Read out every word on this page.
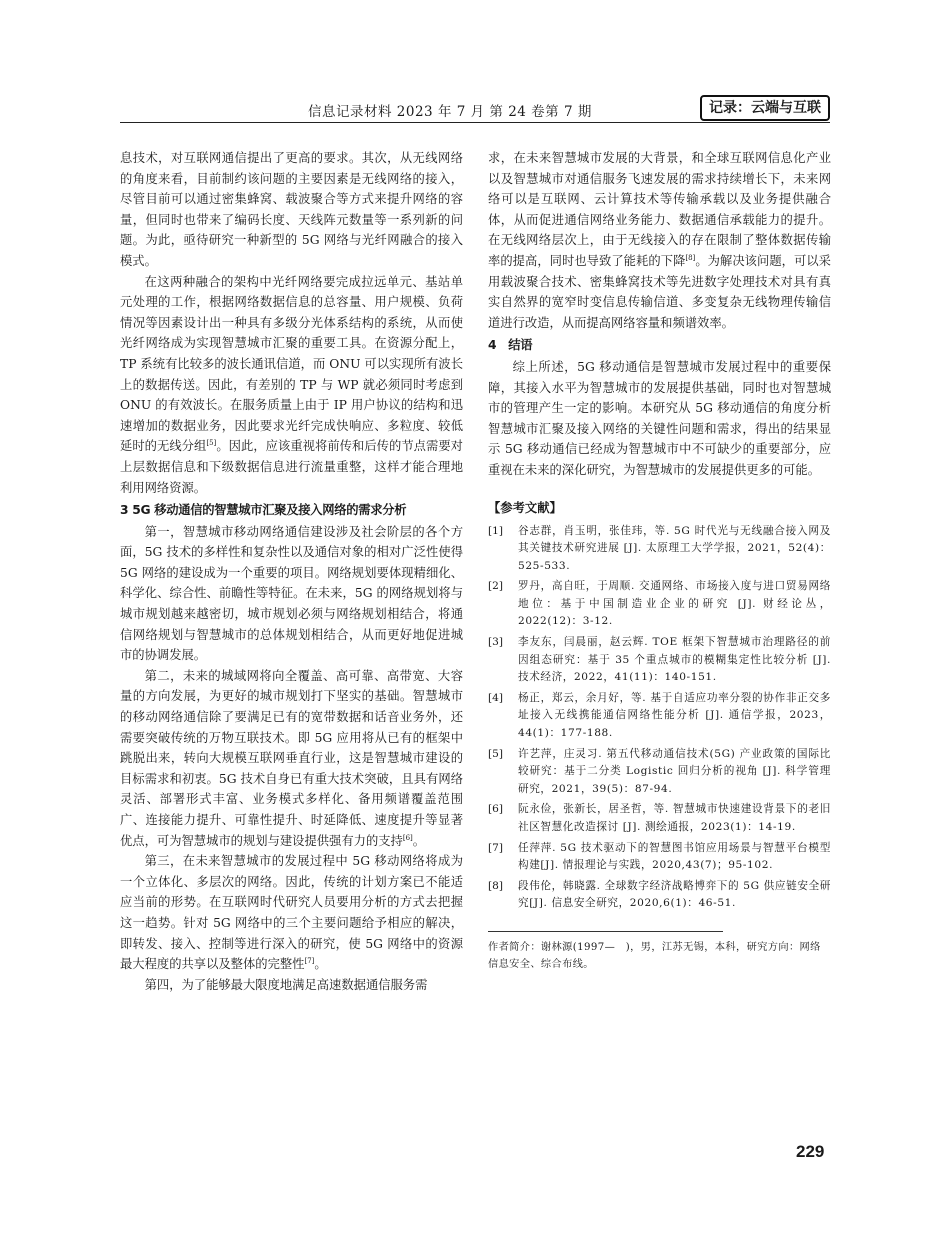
信息记录材料 2023 年 7 月 第 24 卷第 7 期	记录：云端与互联

息技术，对互联网通信提出了更高的要求。其次，从无线网络的角度来看，目前制约该问题的主要因素是无线网络的接入，尽管目前可以通过密集蜂窝、载波聚合等方式来提升网络的容量，但同时也带来了编码长度、天线阵元数量等一系列新的问题。为此，亟待研究一种新型的 5G 网络与光纤网融合的接入模式。

在这两种融合的架构中光纤网络要完成拉远单元、基站单元处理的工作，根据网络数据信息的总容量、用户规模、负荷情况等因素设计出一种具有多级分光体系结构的系统，从而使光纤网络成为实现智慧城市汇聚的重要工具。在资源分配上，TP 系统有比较多的波长通讯信道，而 ONU 可以实现所有波长上的数据传送。因此，有差别的 TP 与 WP 就必须同时考虑到 ONU 的有效波长。在服务质量上由于 IP 用户协议的结构和迅速增加的数据业务，因此要求光纤完成快响应、多粒度、较低延时的无线分组[5]。因此，应该重视将前传和后传的节点需要对上层数据信息和下级数据信息进行流量重整，这样才能合理地利用网络资源。

3 5G 移动通信的智慧城市汇聚及接入网络的需求分析

第一，智慧城市移动网络通信建设涉及社会阶层的各个方面，5G 技术的多样性和复杂性以及通信对象的相对广泛性使得 5G 网络的建设成为一个重要的项目。网络规划要体现精细化、科学化、综合性、前瞻性等特征。在未来，5G 的网络规划将与城市规划越来越密切，城市规划必须与网络规划相结合，将通信网络规划与智慧城市的总体规划相结合，从而更好地促进城市的协调发展。

第二，未来的城域网将向全覆盖、高可靠、高带宽、大容量的方向发展，为更好的城市规划打下坚实的基础。智慧城市的移动网络通信除了要满足已有的宽带数据和话音业务外，还需要突破传统的万物互联技术。即 5G 应用将从已有的框架中跳脱出来，转向大规模互联网垂直行业，这是智慧城市建设的目标需求和初衷。5G 技术自身已有重大技术突破，且具有网络灵活、部署形式丰富、业务模式多样化、备用频谱覆盖范围广、连接能力提升、可靠性提升、时延降低、速度提升等显著优点，可为智慧城市的规划与建设提供强有力的支持[6]。

第三，在未来智慧城市的发展过程中 5G 移动网络将成为一个立体化、多层次的网络。因此，传统的计划方案已不能适应当前的形势。在互联网时代研究人员要用分析的方式去把握这一趋势。针对 5G 网络中的三个主要问题给予相应的解决，即转发、接入、控制等进行深入的研究，使 5G 网络中的资源最大程度的共享以及整体的完整性[7]。

第四，为了能够最大限度地满足高速数据通信服务需

求，在未来智慧城市发展的大背景，和全球互联网信息化产业以及智慧城市对通信服务飞速发展的需求持续增长下，未来网络可以是互联网、云计算技术等传输承载以及业务提供融合体，从而促进通信网络业务能力、数据通信承载能力的提升。在无线网络层次上，由于无线接入的存在限制了整体数据传输率的提高，同时也导致了能耗的下降[8]。为解决该问题，可以采用载波聚合技术、密集蜂窝技术等先进数字处理技术对具有真实自然界的宽窄时变信息传输信道、多变复杂无线物理传输信道进行改造，从而提高网络容量和频谱效率。

4　结语

综上所述，5G 移动通信是智慧城市发展过程中的重要保障，其接入水平为智慧城市的发展提供基础，同时也对智慧城市的管理产生一定的影响。本研究从 5G 移动通信的角度分析智慧城市汇聚及接入网络的关键性问题和需求，得出的结果显示 5G 移动通信已经成为智慧城市中不可缺少的重要部分，应重视在未来的深化研究，为智慧城市的发展提供更多的可能。

【参考文献】
[1] 谷志群，肖玉明，张佳玮，等. 5G 时代光与无线融合接入网及其关键技术研究进展 [J]. 太原理工大学学报，2021，52(4)：525-533.
[2] 罗丹，高自旺，于周顺. 交通网络、市场接入度与进口贸易网络地位：基于中国制造业企业的研究 [J]. 财经论丛，2022(12)：3-12.
[3] 李友东，闫晨丽，赵云辉. TOE 框架下智慧城市治理路径的前因组态研究：基于 35 个重点城市的模糊集定性比较分析 [J]. 技术经济，2022，41(11)：140-151.
[4] 杨正，郑云，余月好，等. 基于自适应功率分裂的协作非正交多址接入无线携能通信网络性能分析 [J]. 通信学报，2023，44(1)：177-188.
[5] 许艺萍，庄灵习. 第五代移动通信技术(5G) 产业政策的国际比较研究：基于二分类 Logistic 回归分析的视角 [J]. 科学管理研究，2021，39(5)：87-94.
[6] 阮永俭，张新长，居圣哲，等. 智慧城市快速建设背景下的老旧社区智慧化改造探讨 [J]. 测绘通报，2023(1)：14-19.
[7] 任萍萍. 5G 技术驱动下的智慧图书馆应用场景与智慧平台模型构建[J]. 情报理论与实践，2020,43(7)；95-102.
[8] 段伟伦，韩晓露. 全球数字经济战略博弈下的 5G 供应链安全研究[J]. 信息安全研究，2020,6(1)：46-51.
作者简介：谢林源(1997—　)，男，江苏无锡，本科，研究方向：网络信息安全、综合布线。
229
